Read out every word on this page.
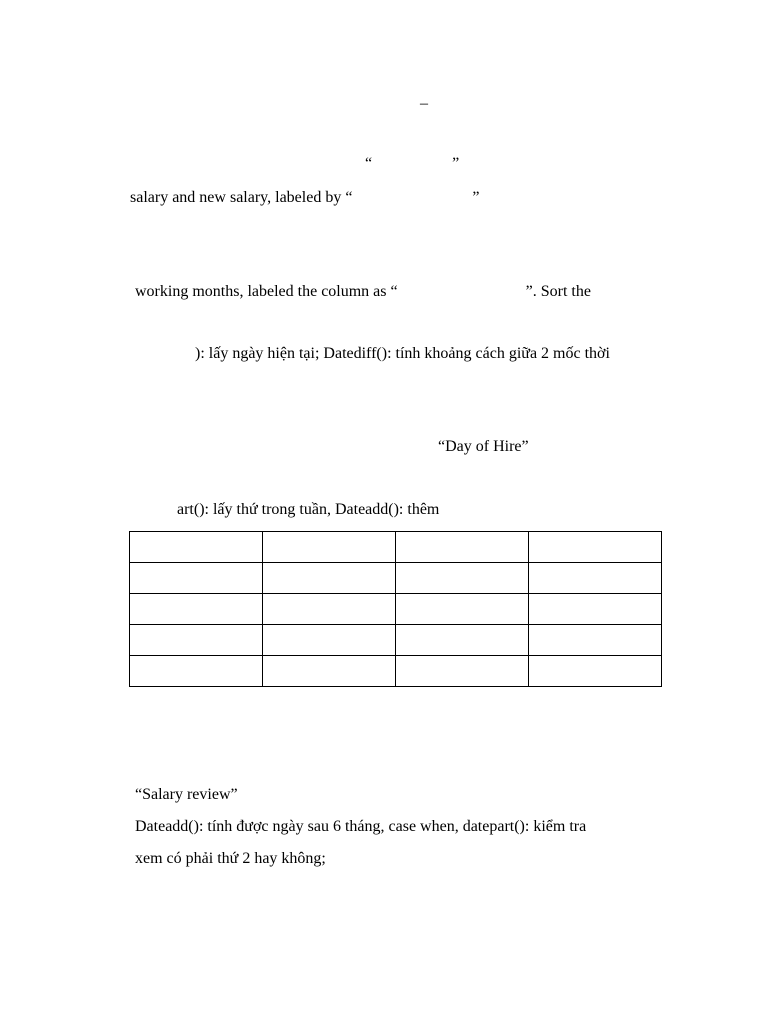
–
“                    ”
salary and new salary, labeled by “                              ”
working months, labeled the column as “                                ”. Sort the
): lấy ngày hiện tại; Datediff(): tính khoảng cách giữa 2 mốc thời
“Day of Hire”
art(): lấy thứ trong tuần, Dateadd(): thêm

“Salary review”
Dateadd(): tính được ngày sau 6 tháng, case when, datepart(): kiểm tra
xem có phải thứ 2 hay không;
